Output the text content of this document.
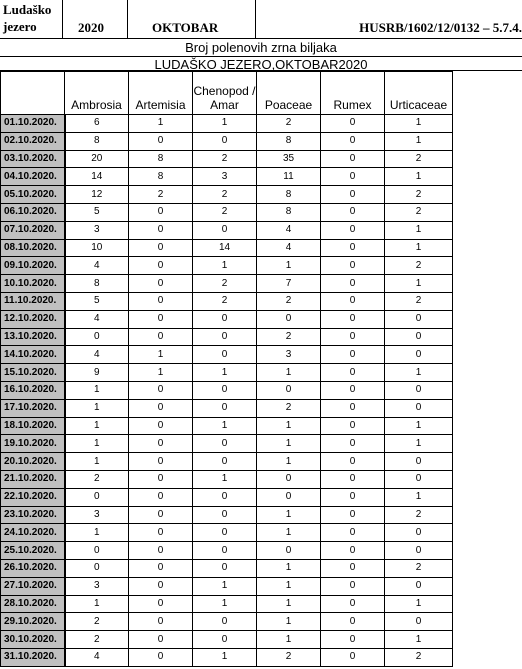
Ludaško jezero	2020	OKTOBAR	HUSRB/1602/12/0132 – 5.7.4.
Broj polenovih zrna biljaka
LUDAŠKO JEZERO,OKTOBAR2020
	Ambrosia	Artemisia	Chenopod / Amar	Poaceae	Rumex	Urticaceae
01.10.2020.	6	1	1	2	0	1
02.10.2020.	8	0	0	8	0	1
03.10.2020.	20	8	2	35	0	2
04.10.2020.	14	8	3	11	0	1
05.10.2020.	12	2	2	8	0	2
06.10.2020.	5	0	2	8	0	2
07.10.2020.	3	0	0	4	0	1
08.10.2020.	10	0	14	4	0	1
09.10.2020.	4	0	1	1	0	2
10.10.2020.	8	0	2	7	0	1
11.10.2020.	5	0	2	2	0	2
12.10.2020.	4	0	0	0	0	0
13.10.2020.	0	0	0	2	0	0
14.10.2020.	4	1	0	3	0	0
15.10.2020.	9	1	1	1	0	1
16.10.2020.	1	0	0	0	0	0
17.10.2020.	1	0	0	2	0	0
18.10.2020.	1	0	1	1	0	1
19.10.2020.	1	0	0	1	0	1
20.10.2020.	1	0	0	1	0	0
21.10.2020.	2	0	1	0	0	0
22.10.2020.	0	0	0	0	0	1
23.10.2020.	3	0	0	1	0	2
24.10.2020.	1	0	0	1	0	0
25.10.2020.	0	0	0	0	0	0
26.10.2020.	0	0	0	1	0	2
27.10.2020.	3	0	1	1	0	0
28.10.2020.	1	0	1	1	0	1
29.10.2020.	2	0	0	1	0	0
30.10.2020.	2	0	0	1	0	1
31.10.2020.	4	0	1	2	0	2
